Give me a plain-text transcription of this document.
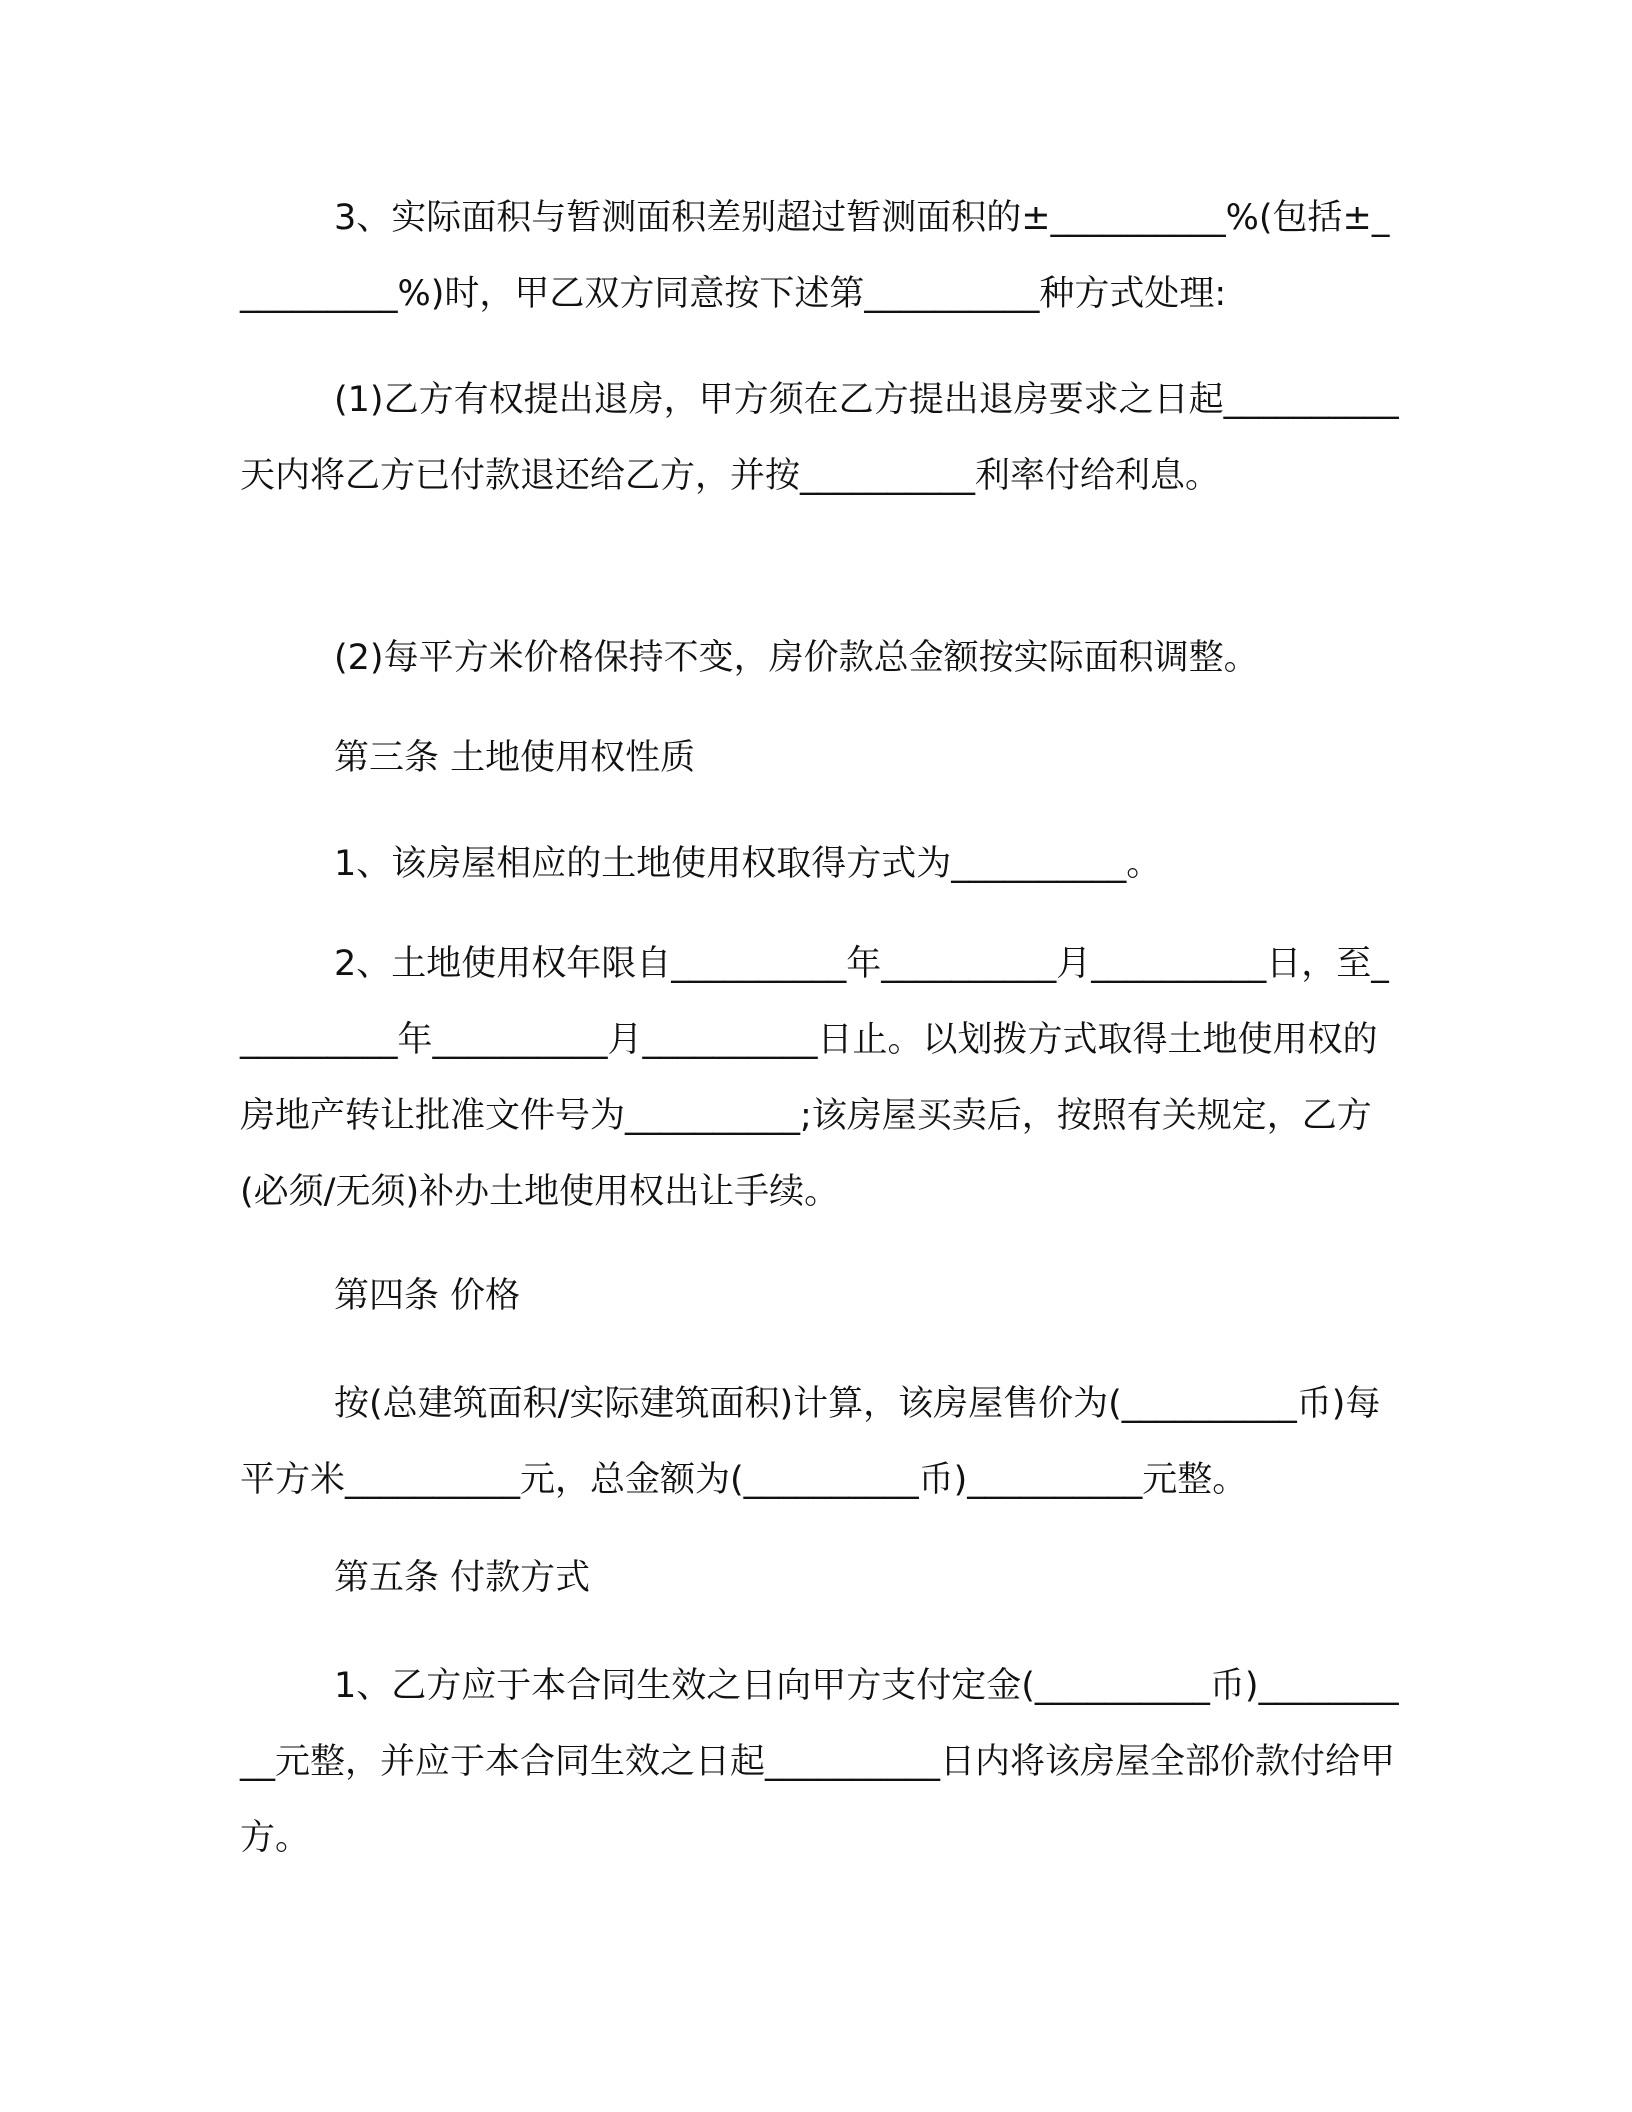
3、实际面积与暂测面积差别超过暂测面积的±__________%(包括±__________%)时，甲乙双方同意按下述第__________种方式处理:

(1)乙方有权提出退房，甲方须在乙方提出退房要求之日起__________天内将乙方已付款退还给乙方，并按__________利率付给利息。

(2)每平方米价格保持不变，房价款总金额按实际面积调整。

第三条 土地使用权性质

1、该房屋相应的土地使用权取得方式为__________。

2、土地使用权年限自__________年__________月__________日，至__________年__________月__________日止。以划拨方式取得土地使用权的房地产转让批准文件号为__________;该房屋买卖后，按照有关规定，乙方(必须/无须)补办土地使用权出让手续。

第四条 价格

按(总建筑面积/实际建筑面积)计算，该房屋售价为(__________币)每平方米__________元，总金额为(__________币)__________元整。

第五条 付款方式

1、乙方应于本合同生效之日向甲方支付定金(__________币)__________元整，并应于本合同生效之日起__________日内将该房屋全部价款付给甲方。
